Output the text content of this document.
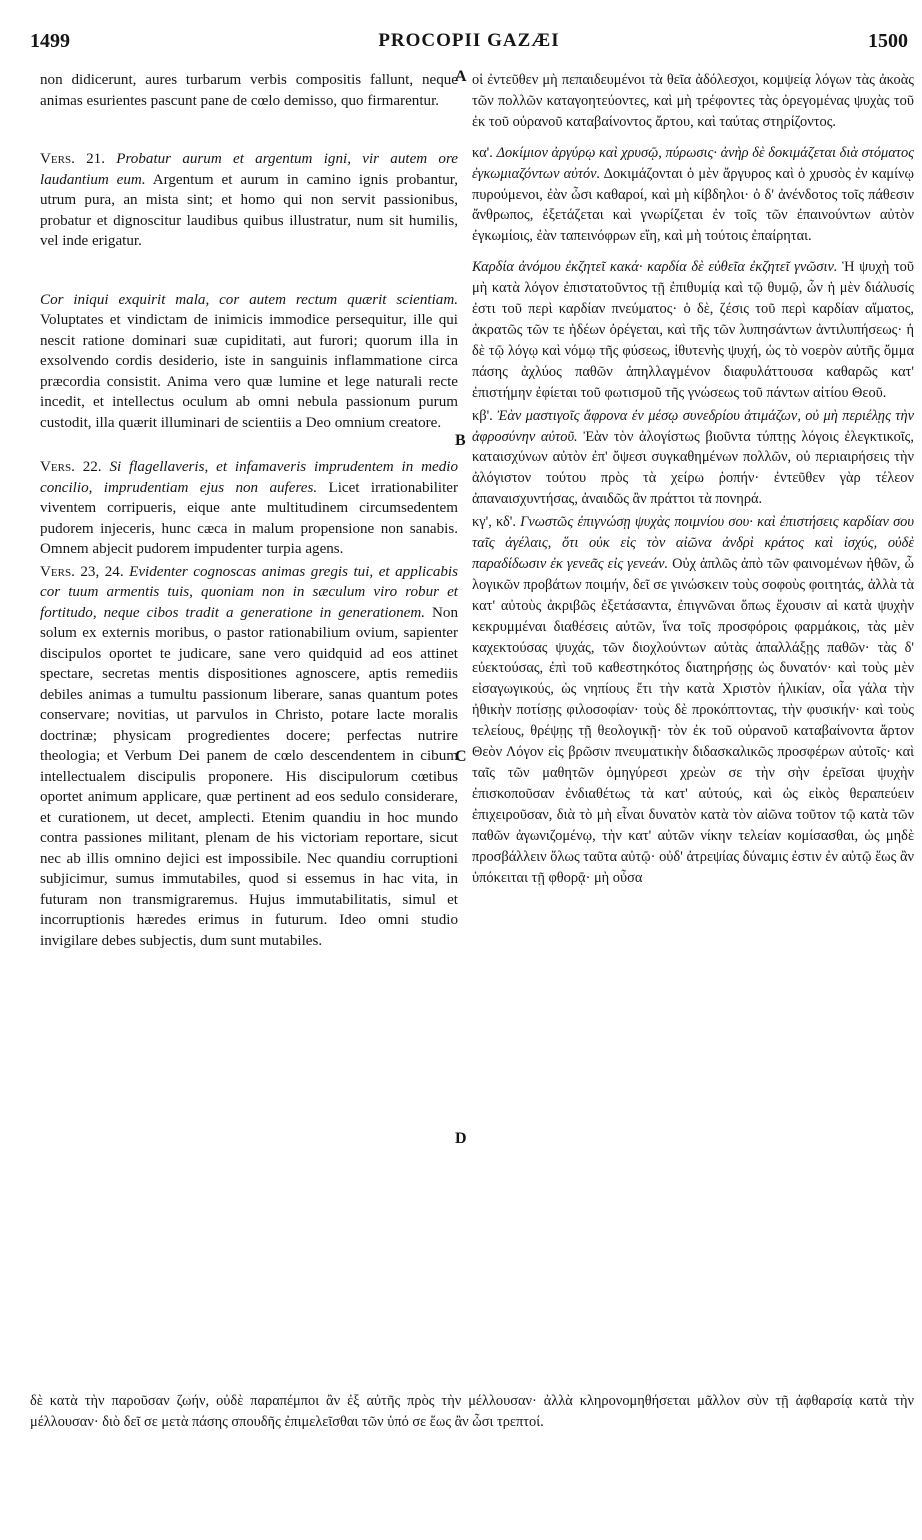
1499	PROCOPII GAZÆI	1500

non didicerunt, aures turbarum verbis compositis fallunt, neque animas esurientes pascunt pane de cœlo demisso, quo firmarentur.

Vers. 21. Probatur aurum et argentum igni, vir autem ore laudantium eum. Argentum et aurum in camino ignis probantur, utrum pura, an mista sint; et homo qui non servit passionibus, probatur et dignoscitur laudibus quibus illustratur, num sit humilis, vel inde erigatur.

Cor iniqui exquirit mala, cor autem rectum quærit scientiam. Voluptates et vindictam de inimicis immodice persequitur, ille qui nescit ratione dominari suæ cupiditati, aut furori; quorum illa in exsolvendo cordis desiderio, iste in sanguinis inflammatione circa præcordia consistit. Anima vero quæ lumine et lege naturali recte incedit, et intellectus oculum ab omni nebula passionum purum custodit, illa quærit illuminari de scientiis a Deo omnium creatore.

Vers. 22. Si flagellaveris, et infamaveris imprudentem in medio concilio, imprudentiam ejus non auferes. Licet irrationabiliter viventem corripueris, eique ante multitudinem circumsedentem pudorem injeceris, hunc cæca in malum propensione non sanabis. Omnem abjecit pudorem impudenter turpia agens.

Vers. 23, 24. Evidenter cognoscas animas gregis tui, et applicabis cor tuum armentis tuis, quoniam non in sæculum viro robur et fortitudo, neque cibos tradit a generatione in generationem. Non solum ex externis moribus, o pastor rationabilium ovium, sapienter discipulos oportet te judicare, sane vero quidquid ad eos attinet spectare, secretas mentis dispositiones agnoscere, aptis remediis debiles animas a tumultu passionum liberare, sanas quantum potes conservare; novitias, ut parvulos in Christo, potare lacte moralis doctrinæ; physicam progredientes docere; perfectas nutrire theologia; et Verbum Dei panem de cœlo descendentem in cibum intellectualem discipulis proponere. His discipulorum cœtibus oportet animum applicare, quæ pertinent ad eos sedulo considerare, et curationem, ut decet, amplecti. Etenim quandiu in hoc mundo contra passiones militant, plenam de his victoriam reportare, sicut nec ab illis omnino dejici est impossibile. Nec quandiu corruptioni subjicimur, sumus immutabiles, quod si essemus in hac vita, in futuram non transmigraremus. Hujus immutabilitatis, simul et incorruptionis hæredes erimus in futurum. Ideo omni studio invigilare debes subjectis, dum sunt mutabiles.

A
B
C
D

οἱ ἐντεῦθεν μὴ πεπαιδευμένοι τὰ θεῖα ἀδόλεσχοι, κομψείᾳ λόγων τὰς ἀκοὰς τῶν πολλῶν καταγοητεύοντες, καὶ μὴ τρέφοντες τὰς ὀρεγομένας ψυχὰς τοῦ ἐκ τοῦ οὐρανοῦ καταβαίνοντος ἄρτου, καὶ ταύτας στηρίζοντος.

κα'. Δοκίμιον ἀργύρῳ καὶ χρυσῷ, πύρωσις· ἀνὴρ δὲ δοκιμάζεται διὰ στόματος ἐγκωμιαζόντων αὐτόν. Δοκιμάζονται ὁ μὲν ἄργυρος καὶ ὁ χρυσὸς ἐν καμίνῳ πυρούμενοι, ἐὰν ὦσι καθαροί, καὶ μὴ κίβδηλοι· ὁ δ' ἀνένδοτος τοῖς πάθεσιν ἄνθρωπος, ἐξετάζεται καὶ γνωρίζεται ἐν τοῖς τῶν ἐπαινούντων αὐτὸν ἐγκωμίοις, ἐὰν ταπεινόφρων εἴη, καὶ μὴ τούτοις ἐπαίρηται.

Καρδία ἀνόμου ἐκζητεῖ κακά· καρδία δὲ εὐθεῖα ἐκζητεῖ γνῶσιν. Ἡ ψυχὴ τοῦ μὴ κατὰ λόγον ἐπιστατοῦντος τῇ ἐπιθυμίᾳ καὶ τῷ θυμῷ, ὧν ἡ μὲν διάλυσίς ἐστι τοῦ περὶ καρδίαν πνεύματος· ὁ δὲ, ζέσις τοῦ περὶ καρδίαν αἵματος, ἀκρατῶς τῶν τε ἡδέων ὀρέγεται, καὶ τῆς τῶν λυπησάντων ἀντιλυπήσεως· ἡ δὲ τῷ λόγῳ καὶ νόμῳ τῆς φύσεως, ἰθυτενὴς ψυχή, ὡς τὸ νοερὸν αὐτῆς ὄμμα πάσης ἀχλύος παθῶν ἀπηλλαγμένον διαφυλάττουσα καθαρῶς κατ' ἐπιστήμην ἐφίεται τοῦ φωτισμοῦ τῆς γνώσεως τοῦ πάντων αἰτίου Θεοῦ.

κβ'. Ἐὰν μαστιγοῖς ἄφρονα ἐν μέσῳ συνεδρίου ἀτιμάζων, οὐ μὴ περιέλῃς τὴν ἀφροσύνην αὐτοῦ. Ἐὰν τὸν ἀλογίστως βιοῦντα τύπτῃς λόγοις ἐλεγκτικοῖς, καταισχύνων αὐτὸν ἐπ' ὄψεσι συγκαθημένων πολλῶν, οὐ περιαιρήσεις τὴν ἀλόγιστον τούτου πρὸς τὰ χείρω ῥοπήν· ἐντεῦθεν γὰρ τέλεον ἀπαναισχυντήσας, ἀναιδῶς ἂν πράττοι τὰ πονηρά.

κγ', κδ'. Γνωστῶς ἐπιγνώσῃ ψυχὰς ποιμνίου σου· καὶ ἐπιστήσεις καρδίαν σου ταῖς ἀγέλαις, ὅτι οὐκ εἰς τὸν αἰῶνα ἀνδρὶ κράτος καὶ ἰσχύς, οὐδὲ παραδίδωσιν ἐκ γενεᾶς εἰς γενεάν. Οὐχ ἁπλῶς ἀπὸ τῶν φαινομένων ἠθῶν, ὦ λογικῶν προβάτων ποιμήν, δεῖ σε γινώσκειν τοὺς σοφοὺς φοιτητάς, ἀλλὰ τὰ κατ' αὐτοὺς ἀκριβῶς ἐξετάσαντα, ἐπιγνῶναι ὅπως ἔχουσιν αἱ κατὰ ψυχὴν κεκρυμμέναι διαθέσεις αὐτῶν, ἵνα τοῖς προσφόροις φαρμάκοις, τὰς μὲν καχεκτούσας ψυχάς, τῶν διοχλούντων αὐτὰς ἀπαλλάξῃς παθῶν· τὰς δ' εὐεκτούσας, ἐπὶ τοῦ καθεστηκότος διατηρήσῃς ὡς δυνατόν· καὶ τοὺς μὲν εἰσαγωγικούς, ὡς νηπίους ἔτι τὴν κατὰ Χριστὸν ἡλικίαν, οἷα γάλα τὴν ἠθικὴν ποτίσῃς φιλοσοφίαν· τοὺς δὲ προκόπτοντας, τὴν φυσικήν· καὶ τοὺς τελείους, θρέψῃς τῇ θεολογικῇ· τὸν ἐκ τοῦ οὐρανοῦ καταβαίνοντα ἄρτον Θεὸν Λόγον εἰς βρῶσιν πνευματικὴν διδασκαλικῶς προσφέρων αὐτοῖς· καὶ ταῖς τῶν μαθητῶν ὁμηγύρεσι χρεὼν σε τὴν σὴν ἐρεῖσαι ψυχὴν ἐπισκοποῦσαν ἐνδιαθέτως τὰ κατ' αὐτούς, καὶ ὡς εἰκὸς θεραπεύειν ἐπιχειροῦσαν, διὰ τὸ μὴ εἶναι δυνατὸν κατὰ τὸν αἰῶνα τοῦτον τῷ κατὰ τῶν παθῶν ἀγωνιζομένῳ, τὴν κατ' αὐτῶν νίκην τελείαν κομίσασθαι, ὡς μηδὲ προσβάλλειν ὅλως ταῦτα αὐτῷ· οὐδ' ἀτρεψίας δύναμις ἐστιν ἐν αὐτῷ ἕως ἂν ὑπόκειται τῇ φθορᾷ· μὴ οὖσα

δὲ κατὰ τὴν παροῦσαν ζωήν, οὐδὲ παραπέμποι ἂν ἐξ αὐτῆς πρὸς τὴν μέλλουσαν· ἀλλὰ κληρονομηθήσεται μᾶλλον σὺν τῇ ἀφθαρσίᾳ κατὰ τὴν μέλλουσαν· διὸ δεῖ σε μετὰ πάσης σπουδῆς ἐπιμελεῖσθαι τῶν ὑπό σε ἕως ἂν ὦσι τρεπτοί.
